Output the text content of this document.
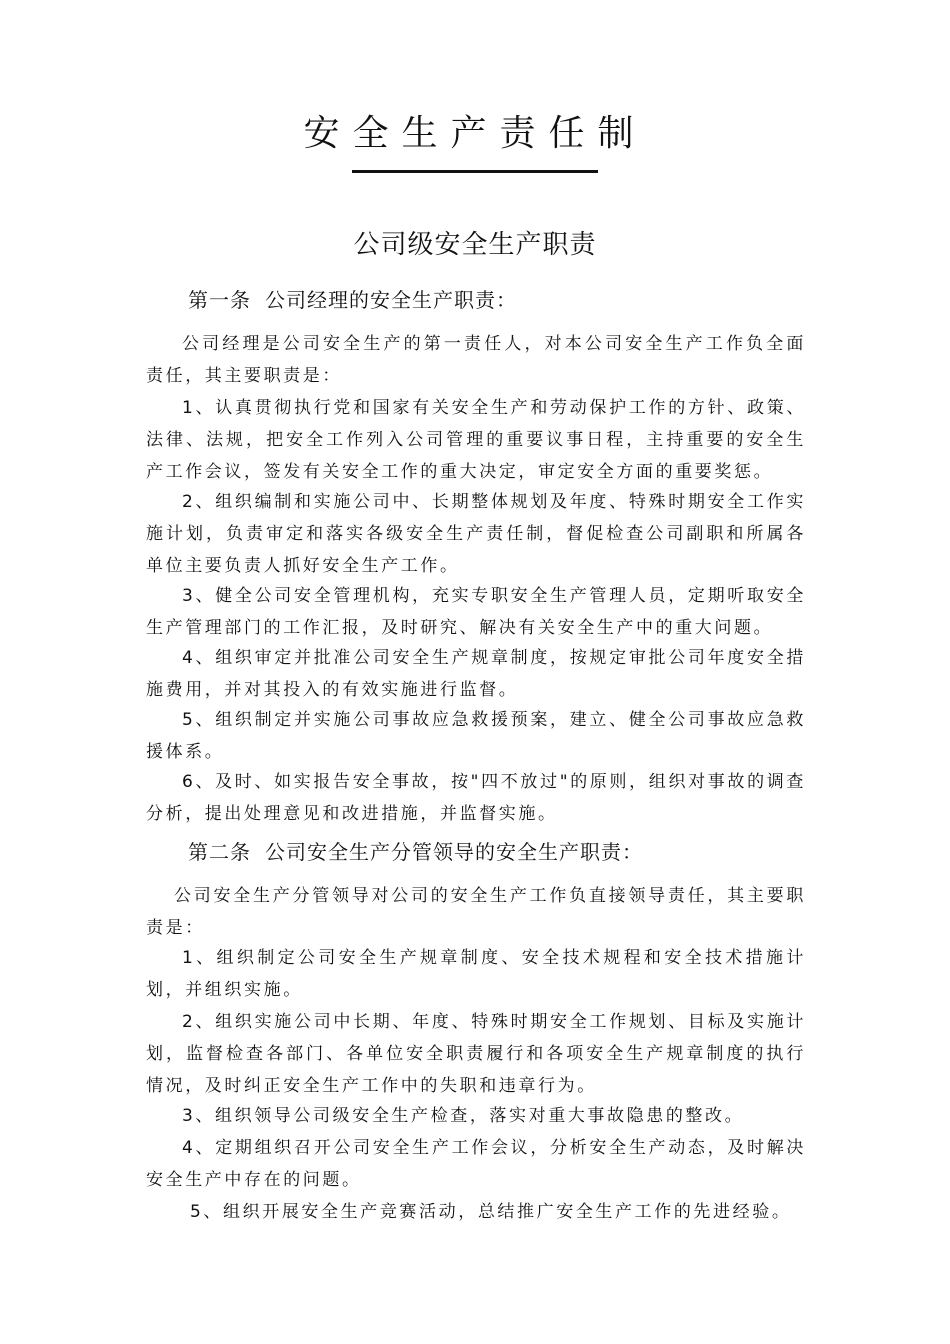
安全生产责任制
公司级安全生产职责
第一条 公司经理的安全生产职责：

公司经理是公司安全生产的第一责任人，对本公司安全生产工作负全面责任，其主要职责是：

1、认真贯彻执行党和国家有关安全生产和劳动保护工作的方针、政策、法律、法规，把安全工作列入公司管理的重要议事日程，主持重要的安全生产工作会议，签发有关安全工作的重大决定，审定安全方面的重要奖惩。

2、组织编制和实施公司中、长期整体规划及年度、特殊时期安全工作实施计划，负责审定和落实各级安全生产责任制，督促检查公司副职和所属各单位主要负责人抓好安全生产工作。

3、健全公司安全管理机构，充实专职安全生产管理人员，定期听取安全生产管理部门的工作汇报，及时研究、解决有关安全生产中的重大问题。

4、组织审定并批准公司安全生产规章制度，按规定审批公司年度安全措施费用，并对其投入的有效实施进行监督。

5、组织制定并实施公司事故应急救援预案，建立、健全公司事故应急救援体系。

6、及时、如实报告安全事故，按"四不放过"的原则，组织对事故的调查分析，提出处理意见和改进措施，并监督实施。

第二条 公司安全生产分管领导的安全生产职责：

公司安全生产分管领导对公司的安全生产工作负直接领导责任，其主要职责是：

1、组织制定公司安全生产规章制度、安全技术规程和安全技术措施计划，并组织实施。

2、组织实施公司中长期、年度、特殊时期安全工作规划、目标及实施计划，监督检查各部门、各单位安全职责履行和各项安全生产规章制度的执行情况，及时纠正安全生产工作中的失职和违章行为。

3、组织领导公司级安全生产检查，落实对重大事故隐患的整改。

4、定期组织召开公司安全生产工作会议，分析安全生产动态，及时解决安全生产中存在的问题。

5、组织开展安全生产竞赛活动，总结推广安全生产工作的先进经验。
